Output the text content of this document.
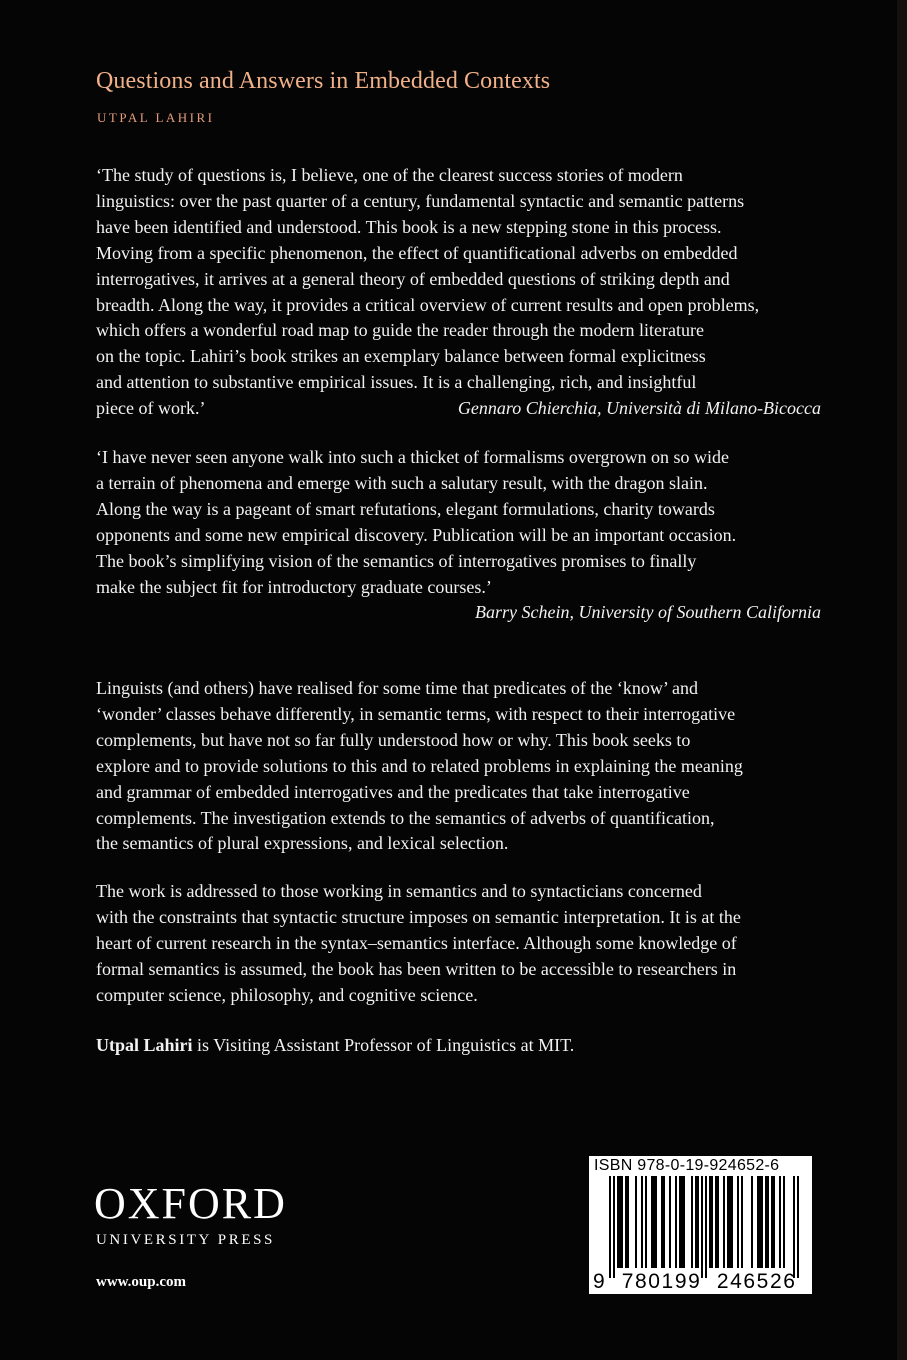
Questions and Answers in Embedded Contexts
UTPAL LAHIRI
‘The study of questions is, I believe, one of the clearest success stories of modern
linguistics: over the past quarter of a century, fundamental syntactic and semantic patterns
have been identified and understood. This book is a new stepping stone in this process.
Moving from a specific phenomenon, the effect of quantificational adverbs on embedded
interrogatives, it arrives at a general theory of embedded questions of striking depth and
breadth. Along the way, it provides a critical overview of current results and open problems,
which offers a wonderful road map to guide the reader through the modern literature
on the topic. Lahiri’s book strikes an exemplary balance between formal explicitness
and attention to substantive empirical issues. It is a challenging, rich, and insightful
piece of work.’	Gennaro Chierchia, Università di Milano-Bicocca
‘I have never seen anyone walk into such a thicket of formalisms overgrown on so wide
a terrain of phenomena and emerge with such a salutary result, with the dragon slain.
Along the way is a pageant of smart refutations, elegant formulations, charity towards
opponents and some new empirical discovery. Publication will be an important occasion.
The book’s simplifying vision of the semantics of interrogatives promises to finally
make the subject fit for introductory graduate courses.’
Barry Schein, University of Southern California
Linguists (and others) have realised for some time that predicates of the ‘know’ and
‘wonder’ classes behave differently, in semantic terms, with respect to their interrogative
complements, but have not so far fully understood how or why. This book seeks to
explore and to provide solutions to this and to related problems in explaining the meaning
and grammar of embedded interrogatives and the predicates that take interrogative
complements. The investigation extends to the semantics of adverbs of quantification,
the semantics of plural expressions, and lexical selection.
The work is addressed to those working in semantics and to syntacticians concerned
with the constraints that syntactic structure imposes on semantic interpretation. It is at the
heart of current research in the syntax–semantics interface. Although some knowledge of
formal semantics is assumed, the book has been written to be accessible to researchers in
computer science, philosophy, and cognitive science.

Utpal Lahiri is Visiting Assistant Professor of Linguistics at MIT.

OXFORD
UNIVERSITY PRESS
www.oup.com
ISBN 978-0-19-924652-6
9 780199 246526
